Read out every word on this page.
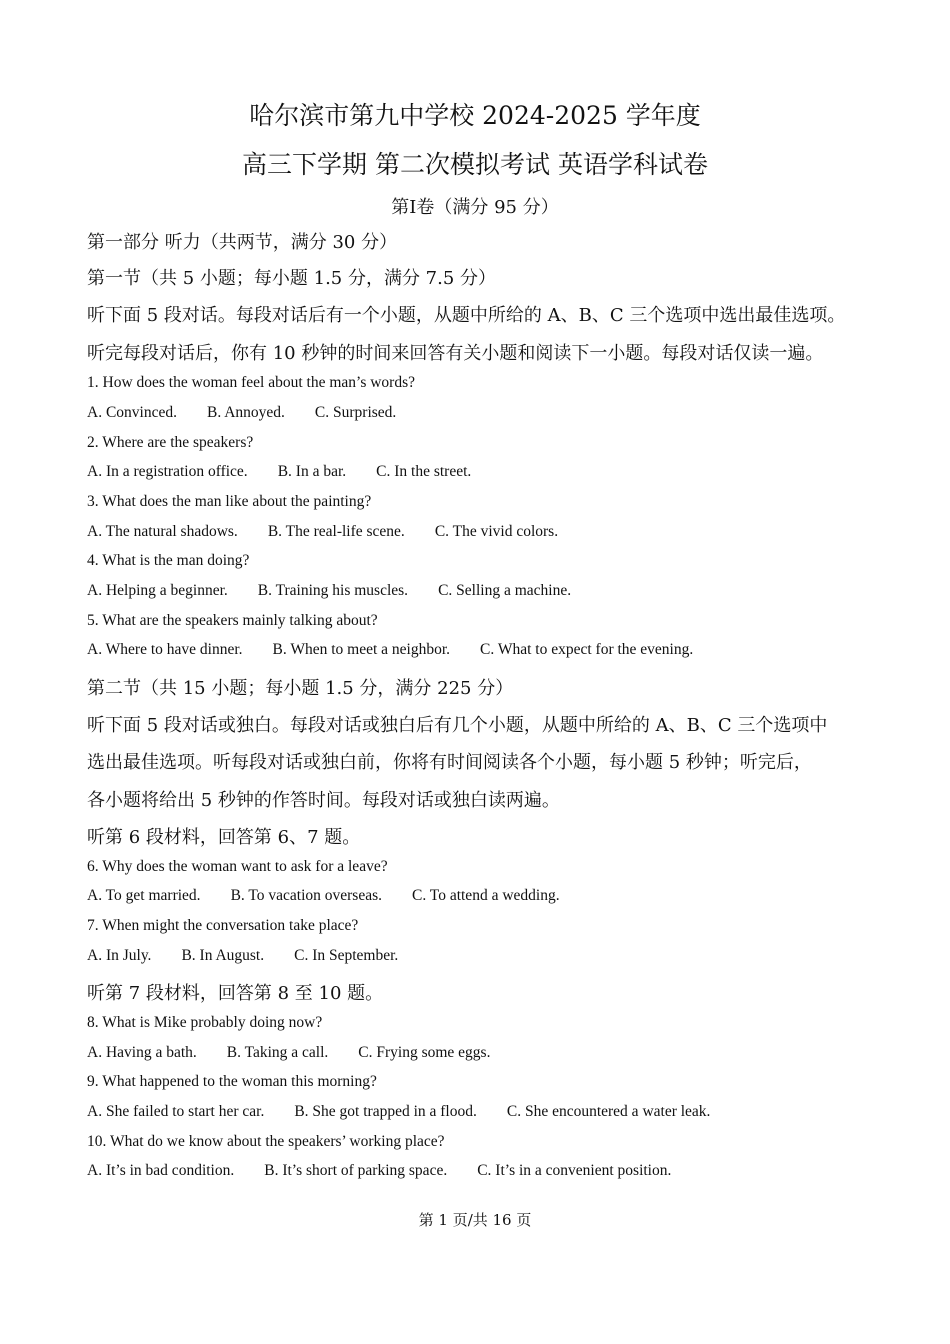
哈尔滨市第九中学校 2024-2025 学年度
高三下学期 第二次模拟考试 英语学科试卷
第Ⅰ卷（满分 95 分）
第一部分 听力（共两节，满分 30 分）
第一节（共 5 小题；每小题 1.5 分，满分 7.5 分）
听下面 5 段对话。每段对话后有一个小题，从题中所给的 A、B、C 三个选项中选出最佳选项。
听完每段对话后，你有 10 秒钟的时间来回答有关小题和阅读下一小题。每段对话仅读一遍。
1. How does the woman feel about the man’s words?
A. Convinced. B. Annoyed. C. Surprised.
2. Where are the speakers?
A. In a registration office. B. In a bar. C. In the street.
3. What does the man like about the painting?
A. The natural shadows. B. The real-life scene. C. The vivid colors.
4. What is the man doing?
A. Helping a beginner. B. Training his muscles. C. Selling a machine.
5. What are the speakers mainly talking about?
A. Where to have dinner. B. When to meet a neighbor. C. What to expect for the evening.
第二节（共 15 小题；每小题 1.5 分，满分 225 分）
听下面 5 段对话或独白。每段对话或独白后有几个小题，从题中所给的 A、B、C 三个选项中
选出最佳选项。听每段对话或独白前，你将有时间阅读各个小题，每小题 5 秒钟；听完后，
各小题将给出 5 秒钟的作答时间。每段对话或独白读两遍。
听第 6 段材料，回答第 6、7 题。
6. Why does the woman want to ask for a leave?
A. To get married. B. To vacation overseas. C. To attend a wedding.
7. When might the conversation take place?
A. In July. B. In August. C. In September.
听第 7 段材料，回答第 8 至 10 题。
8. What is Mike probably doing now?
A. Having a bath. B. Taking a call. C. Frying some eggs.
9. What happened to the woman this morning?
A. She failed to start her car. B. She got trapped in a flood. C. She encountered a water leak.
10. What do we know about the speakers’ working place?
A. It’s in bad condition. B. It’s short of parking space. C. It’s in a convenient position.
第 1 页/共 16 页
